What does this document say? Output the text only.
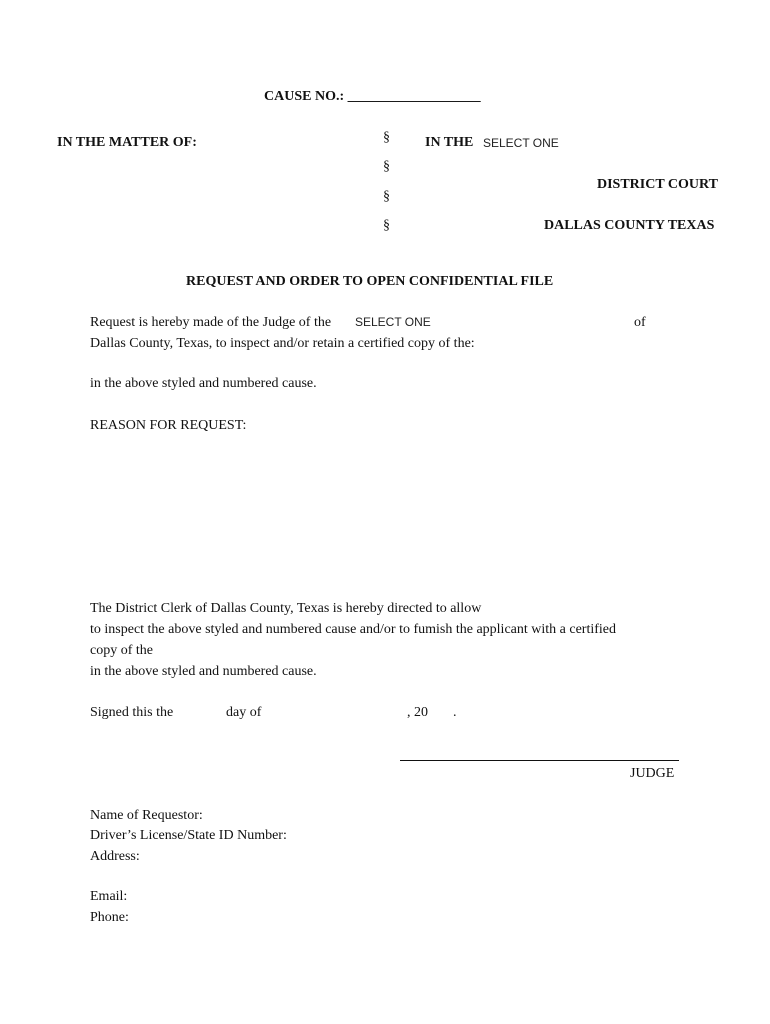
CAUSE NO.: ___________________
IN THE MATTER OF:	§
§
§
§
IN THE SELECT ONE
DISTRICT COURT
DALLAS COUNTY TEXAS
REQUEST AND ORDER TO OPEN CONFIDENTIAL FILE
Request is hereby made of the Judge of the SELECT ONE	of
Dallas County, Texas, to inspect and/or retain a certified copy of the:
in the above styled and numbered cause.
REASON FOR REQUEST:
The District Clerk of Dallas County, Texas is hereby directed to allow
to inspect the above styled and numbered cause and/or to fumish the applicant with a certified
copy of the
in the above styled and numbered cause.
Signed this the	day of	, 20 .
JUDGE
Name of Requestor:
Driver’s License/State ID Number:
Address:
Email:
Phone:
